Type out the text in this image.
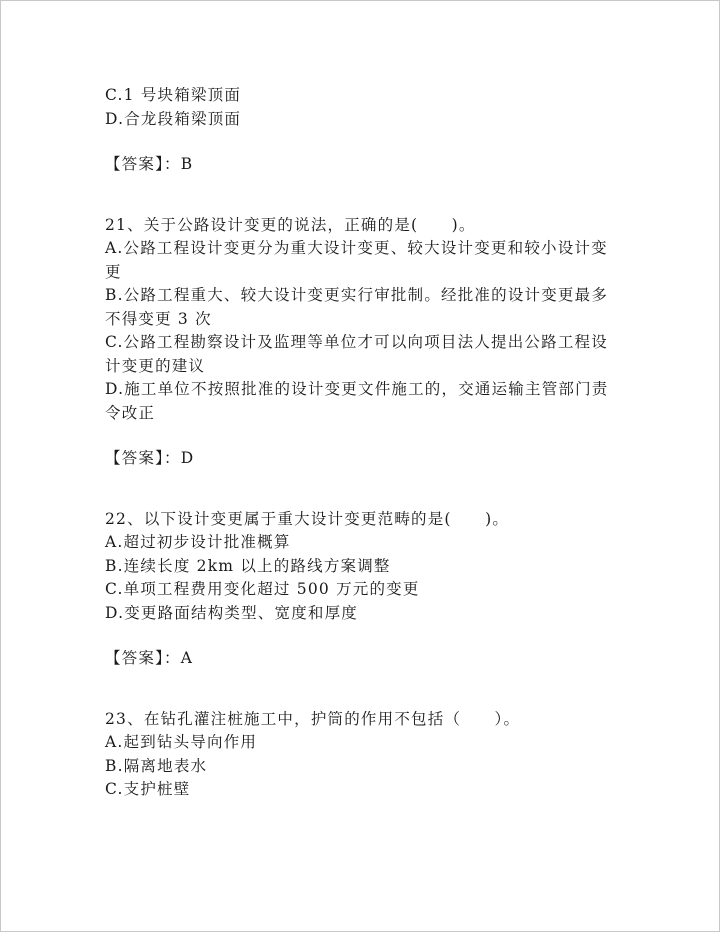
C.1 号块箱梁顶面
D.合龙段箱梁顶面
【答案】：B
21、关于公路设计变更的说法，正确的是(　　)。
A.公路工程设计变更分为重大设计变更、较大设计变更和较小设计变
更
B.公路工程重大、较大设计变更实行审批制。经批准的设计变更最多
不得变更 3 次
C.公路工程勘察设计及监理等单位才可以向项目法人提出公路工程设
计变更的建议
D.施工单位不按照批准的设计变更文件施工的，交通运输主管部门责
令改正
【答案】：D
22、以下设计变更属于重大设计变更范畴的是(　　)。
A.超过初步设计批准概算
B.连续长度 2km 以上的路线方案调整
C.单项工程费用变化超过 500 万元的变更
D.变更路面结构类型、宽度和厚度
【答案】：A
23、在钻孔灌注桩施工中，护筒的作用不包括（　　）。
A.起到钻头导向作用
B.隔离地表水
C.支护桩壁
